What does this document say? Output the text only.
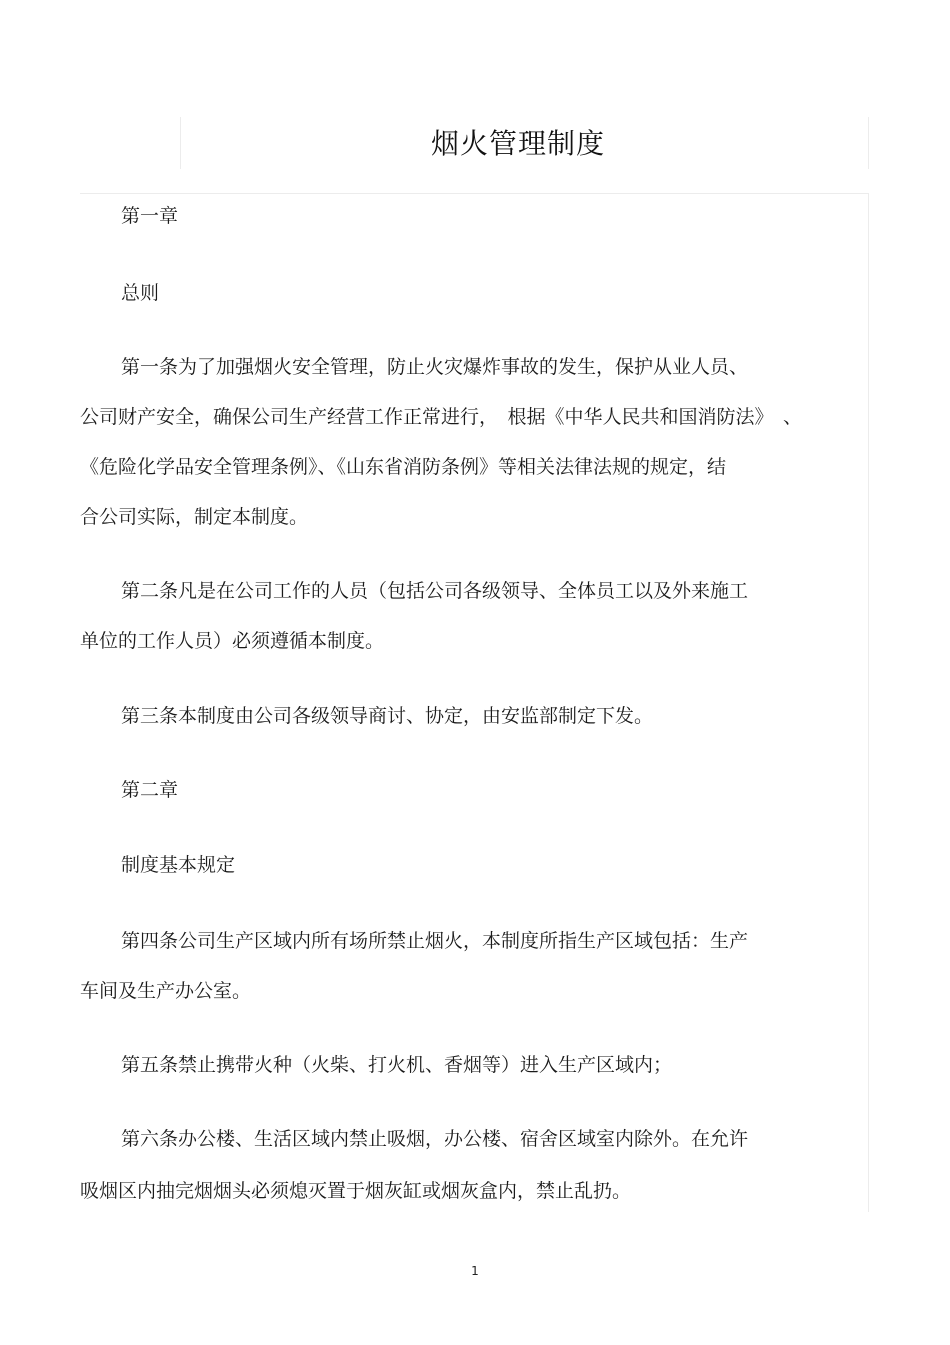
烟火管理制度

第一章

总则

第一条为了加强烟火安全管理，防止火灾爆炸事故的发生，保护从业人员、

公司财产安全，确保公司生产经营工作正常进行，　根据《中华人民共和国消防法》　、

《危险化学品安全管理条例》、《山东省消防条例》等相关法律法规的规定，结

合公司实际，制定本制度。

第二条凡是在公司工作的人员（包括公司各级领导、全体员工以及外来施工

单位的工作人员）必须遵循本制度。

第三条本制度由公司各级领导商讨、协定，由安监部制定下发。

第二章

制度基本规定

第四条公司生产区域内所有场所禁止烟火，本制度所指生产区域包括：生产

车间及生产办公室。

第五条禁止携带火种（火柴、打火机、香烟等）进入生产区域内；

第六条办公楼、生活区域内禁止吸烟，办公楼、宿舍区域室内除外。在允许

吸烟区内抽完烟烟头必须熄灭置于烟灰缸或烟灰盒内，禁止乱扔。

1
